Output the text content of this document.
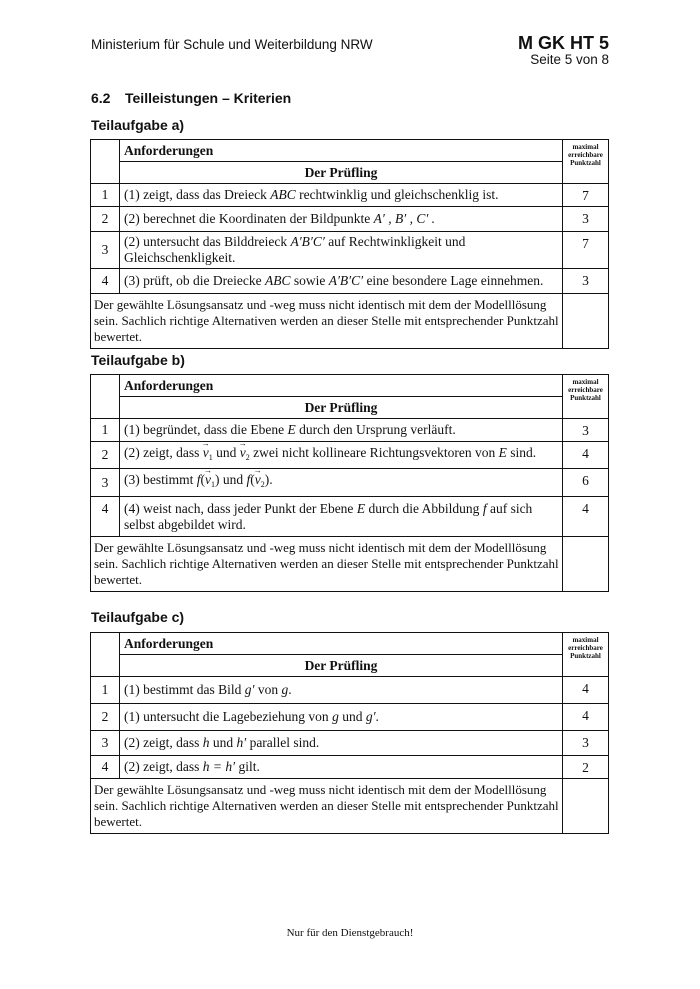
Ministerium für Schule und Weiterbildung NRW	M GK HT 5
Seite 5 von 8
6.2 Teilleistungen – Kriterien
Teilaufgabe a)
	Anforderungen	maximal erreichbare Punktzahl
	Der Prüfling	
1	(1) zeigt, dass das Dreieck ABC rechtwinklig und gleichschenklig ist.	7
2	(2) berechnet die Koordinaten der Bildpunkte A′ , B′ , C′ .	3
3	(2) untersucht das Bilddreieck A′B′C′ auf Rechtwinkligkeit und Gleichschenkligkeit.	7
4	(3) prüft, ob die Dreiecke ABC sowie A′B′C′ eine besondere Lage einnehmen.	3
Der gewählte Lösungsansatz und -weg muss nicht identisch mit dem der Modelllösung sein. Sachlich richtige Alternativen werden an dieser Stelle mit entsprechender Punktzahl bewertet.		
Teilaufgabe b)
	Anforderungen	maximal erreichbare Punktzahl
	Der Prüfling	
1	(1) begründet, dass die Ebene E durch den Ursprung verläuft.	3
2	(2) zeigt, dass → $v_1$ und → $v_2$ zwei nicht kollineare Richtungsvektoren von E sind.	4
3	(3) bestimmt $f(\to v_1)$ und $f(\to v_2)$.	6
4	(4) weist nach, dass jeder Punkt der Ebene E durch die Abbildung f auf sich selbst abgebildet wird.	4
Der gewählte Lösungsansatz und -weg muss nicht identisch mit dem der Modelllösung sein. Sachlich richtige Alternativen werden an dieser Stelle mit entsprechender Punktzahl bewertet.		
Teilaufgabe c)
	Anforderungen	maximal erreichbare Punktzahl
	Der Prüfling	
1	(1) bestimmt das Bild g′ von g.	4
2	(1) untersucht die Lagebeziehung von g und g′.	4
3	(2) zeigt, dass h und h′ parallel sind.	3
4	(2) zeigt, dass h = h′ gilt.	2
Der gewählte Lösungsansatz und -weg muss nicht identisch mit dem der Modelllösung sein. Sachlich richtige Alternativen werden an dieser Stelle mit entsprechender Punktzahl bewertet.		
Nur für den Dienstgebrauch!
